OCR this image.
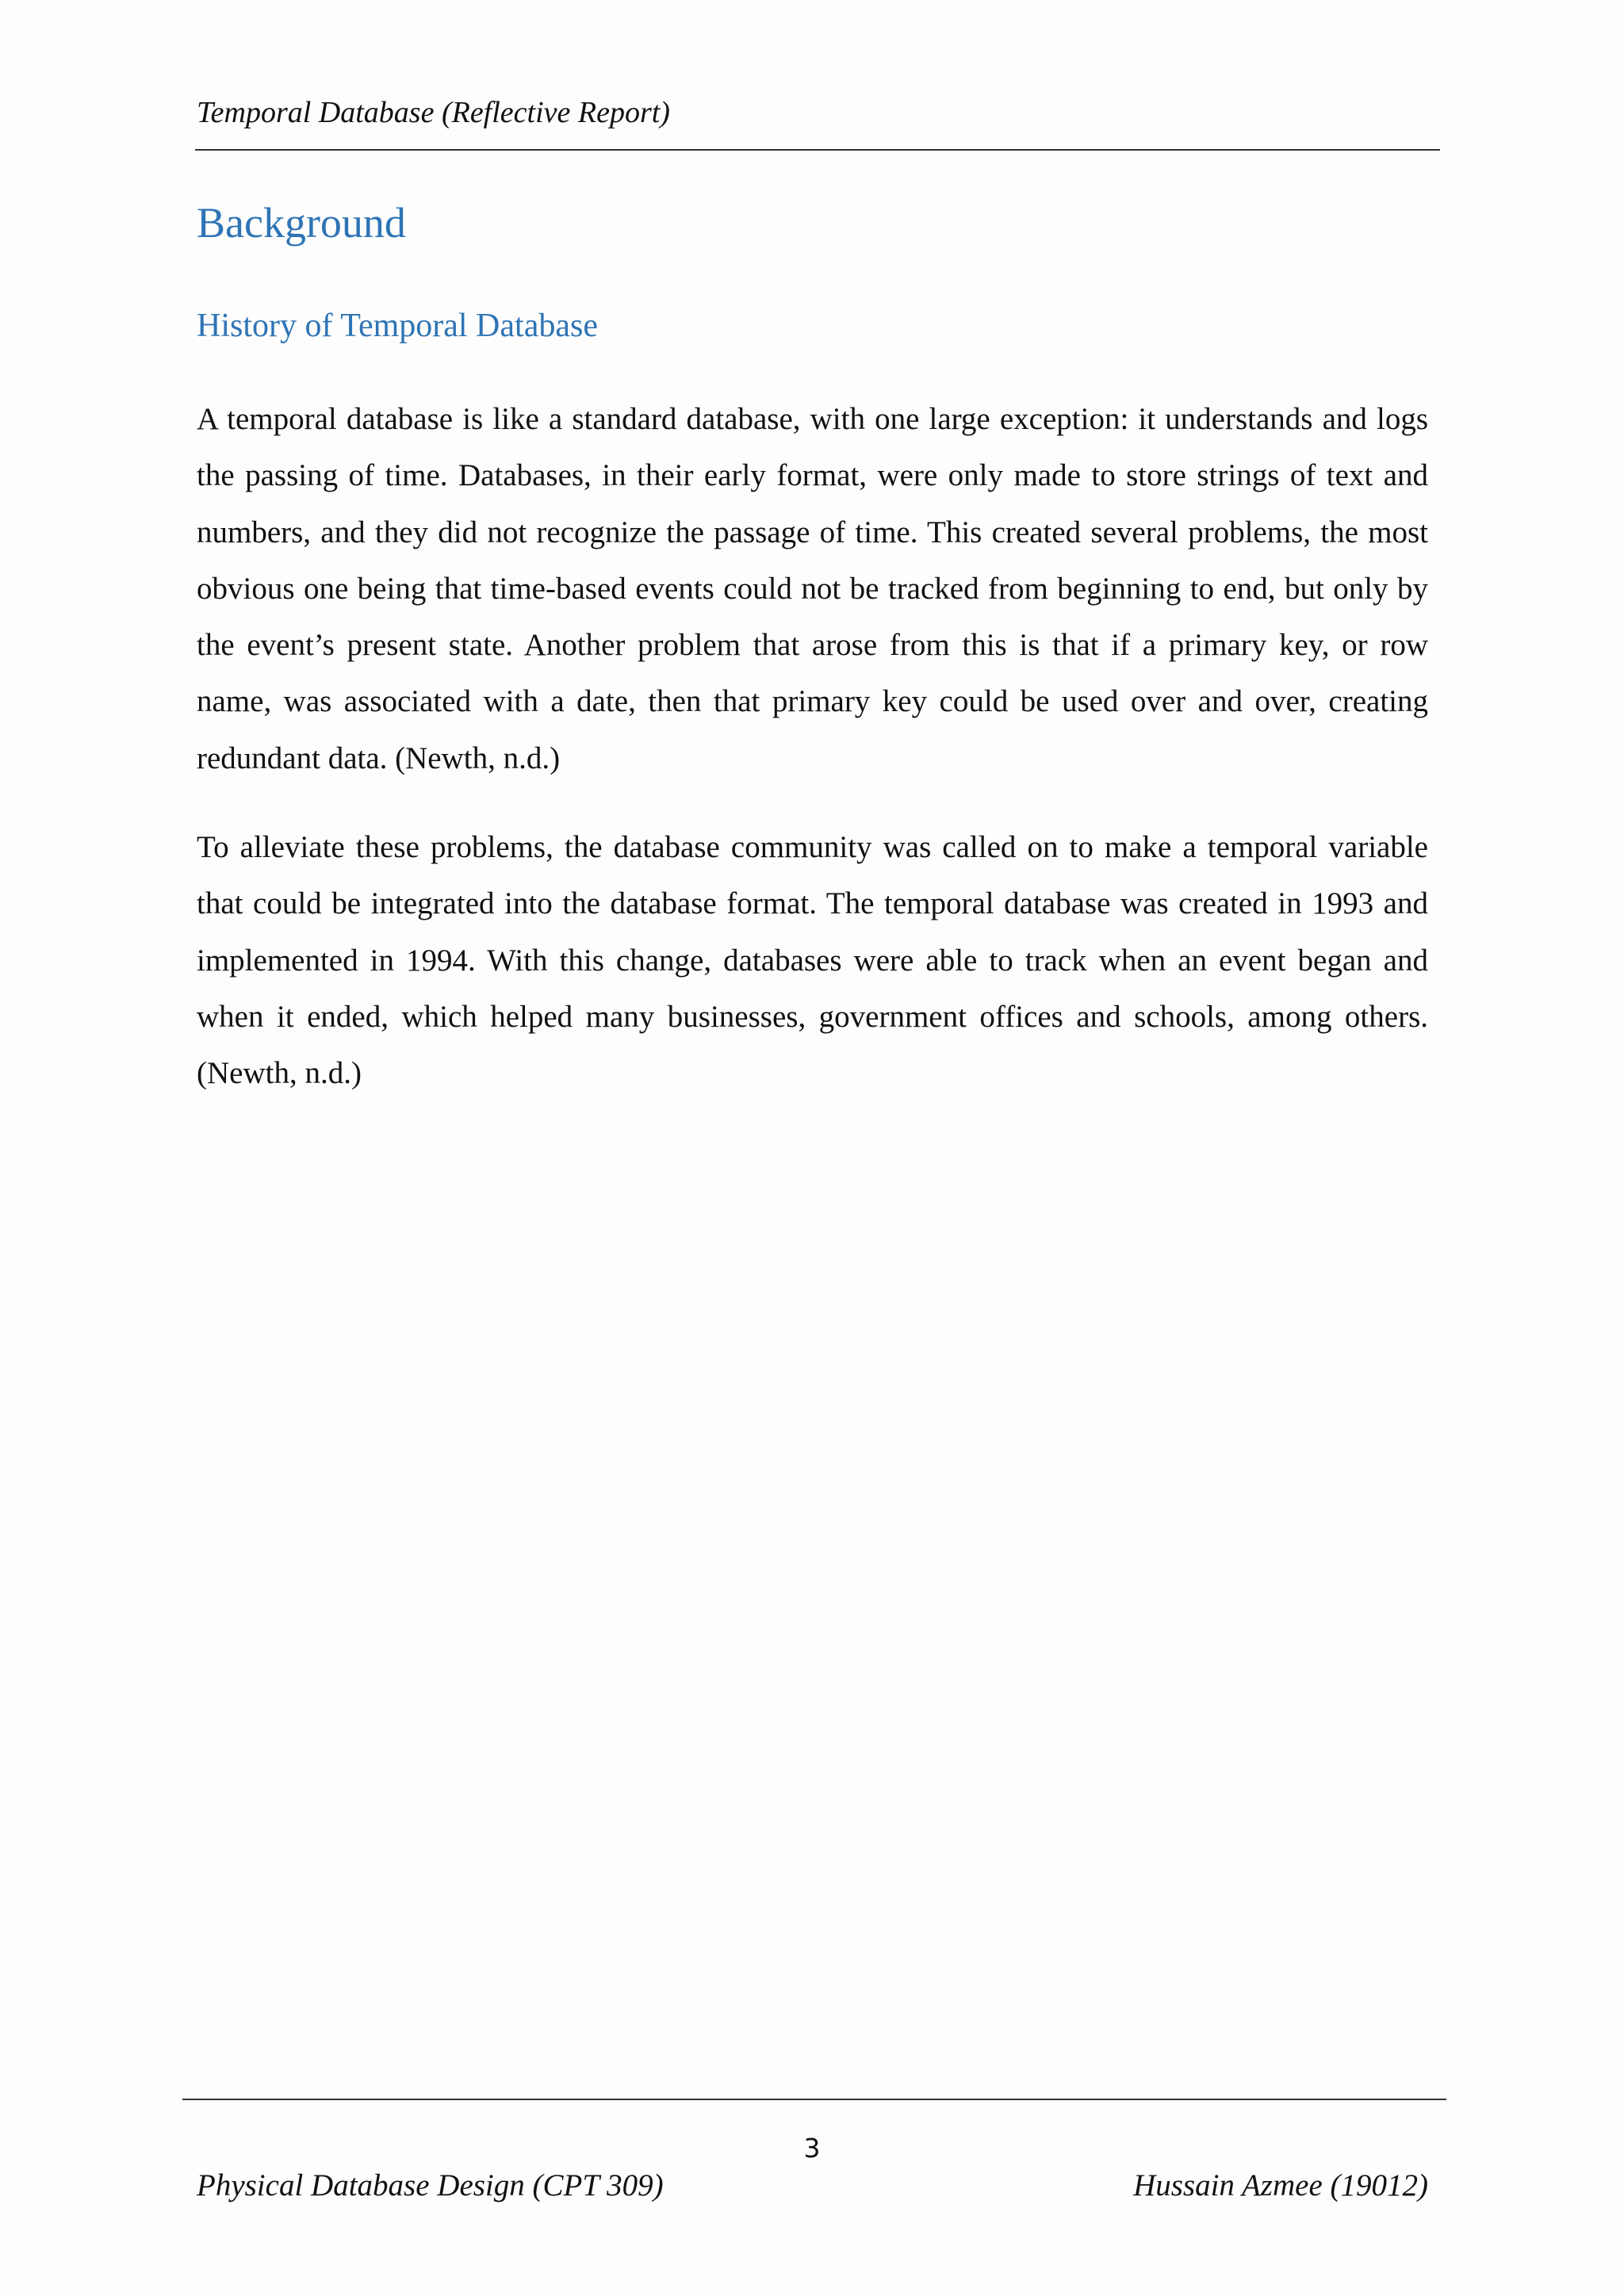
Temporal Database (Reflective Report)
Background
History of Temporal Database

A temporal database is like a standard database, with one large exception: it understands and logs the passing of time. Databases, in their early format, were only made to store strings of text and numbers, and they did not recognize the passage of time. This created several problems, the most obvious one being that time-based events could not be tracked from beginning to end, but only by the event’s present state. Another problem that arose from this is that if a primary key, or row name, was associated with a date, then that primary key could be used over and over, creating redundant data. (Newth, n.d.)

To alleviate these problems, the database community was called on to make a temporal variable that could be integrated into the database format. The temporal database was created in 1993 and implemented in 1994. With this change, databases were able to track when an event began and when it ended, which helped many businesses, government offices and schools, among others. (Newth, n.d.)

3
Physical Database Design (CPT 309)	Hussain Azmee (19012)
